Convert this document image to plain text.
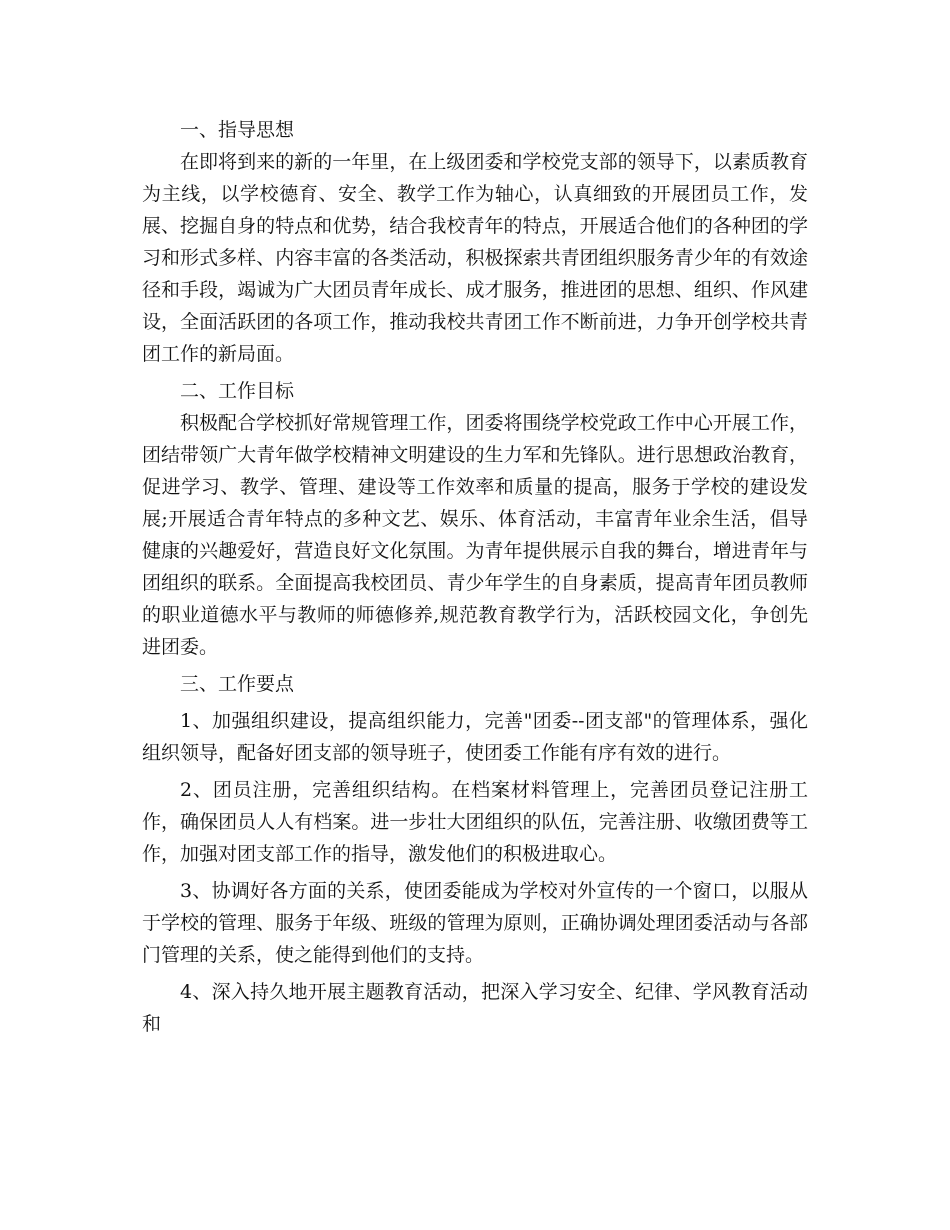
一、指导思想

在即将到来的新的一年里，在上级团委和学校党支部的领导下，以素质教育为主线，以学校德育、安全、教学工作为轴心，认真细致的开展团员工作，发展、挖掘自身的特点和优势，结合我校青年的特点，开展适合他们的各种团的学习和形式多样、内容丰富的各类活动，积极探索共青团组织服务青少年的有效途径和手段，竭诚为广大团员青年成长、成才服务，推进团的思想、组织、作风建设，全面活跃团的各项工作，推动我校共青团工作不断前进，力争开创学校共青团工作的新局面。

二、工作目标

积极配合学校抓好常规管理工作，团委将围绕学校党政工作中心开展工作，团结带领广大青年做学校精神文明建设的生力军和先锋队。进行思想政治教育，促进学习、教学、管理、建设等工作效率和质量的提高，服务于学校的建设发展;开展适合青年特点的多种文艺、娱乐、体育活动，丰富青年业余生活，倡导健康的兴趣爱好，营造良好文化氛围。为青年提供展示自我的舞台，增进青年与团组织的联系。全面提高我校团员、青少年学生的自身素质，提高青年团员教师的职业道德水平与教师的师德修养,规范教育教学行为，活跃校园文化，争创先进团委。

三、工作要点

1、加强组织建设，提高组织能力，完善"团委--团支部"的管理体系，强化组织领导，配备好团支部的领导班子，使团委工作能有序有效的进行。

2、团员注册，完善组织结构。在档案材料管理上，完善团员登记注册工作，确保团员人人有档案。进一步壮大团组织的队伍，完善注册、收缴团费等工作，加强对团支部工作的指导，激发他们的积极进取心。

3、协调好各方面的关系，使团委能成为学校对外宣传的一个窗口，以服从于学校的管理、服务于年级、班级的管理为原则，正确协调处理团委活动与各部门管理的关系，使之能得到他们的支持。

4、深入持久地开展主题教育活动，把深入学习安全、纪律、学风教育活动和
